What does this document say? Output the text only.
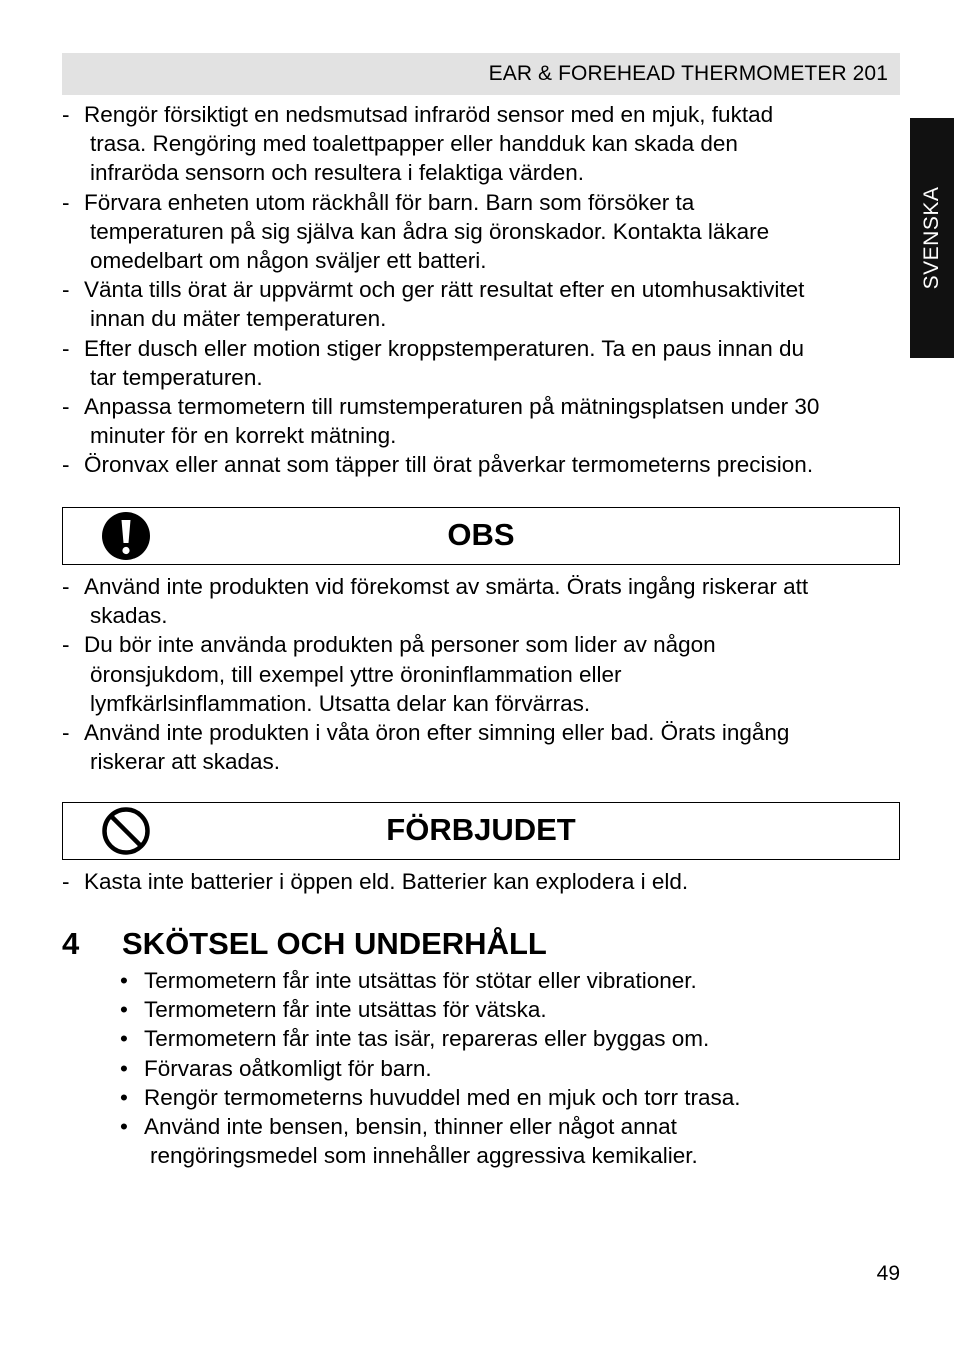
EAR & FOREHEAD THERMOMETER 201
SVENSKA
- Rengör försiktigt en nedsmutsad infraröd sensor med en mjuk, fuktad
trasa. Rengöring med toalettpapper eller handduk kan skada den
infraröda sensorn och resultera i felaktiga värden.
- Förvara enheten utom räckhåll för barn. Barn som försöker ta
temperaturen på sig själva kan ådra sig öronskador. Kontakta läkare
omedelbart om någon sväljer ett batteri.
- Vänta tills örat är uppvärmt och ger rätt resultat efter en utomhusaktivitet
innan du mäter temperaturen.
- Efter dusch eller motion stiger kroppstemperaturen. Ta en paus innan du
tar temperaturen.
- Anpassa termometern till rumstemperaturen på mätningsplatsen under 30
minuter för en korrekt mätning.
- Öronvax eller annat som täpper till örat påverkar termometerns precision.
OBS
- Använd inte produkten vid förekomst av smärta. Örats ingång riskerar att
skadas.
- Du bör inte använda produkten på personer som lider av någon
öronsjukdom, till exempel yttre öroninflammation eller
lymfkärlsinflammation. Utsatta delar kan förvärras.
- Använd inte produkten i våta öron efter simning eller bad. Örats ingång
riskerar att skadas.
FÖRBJUDET
- Kasta inte batterier i öppen eld. Batterier kan explodera i eld.
4 SKÖTSEL OCH UNDERHÅLL
• Termometern får inte utsättas för stötar eller vibrationer.
• Termometern får inte utsättas för vätska.
• Termometern får inte tas isär, repareras eller byggas om.
• Förvaras oåtkomligt för barn.
• Rengör termometerns huvuddel med en mjuk och torr trasa.
• Använd inte bensen, bensin, thinner eller något annat
rengöringsmedel som innehåller aggressiva kemikalier.
49
